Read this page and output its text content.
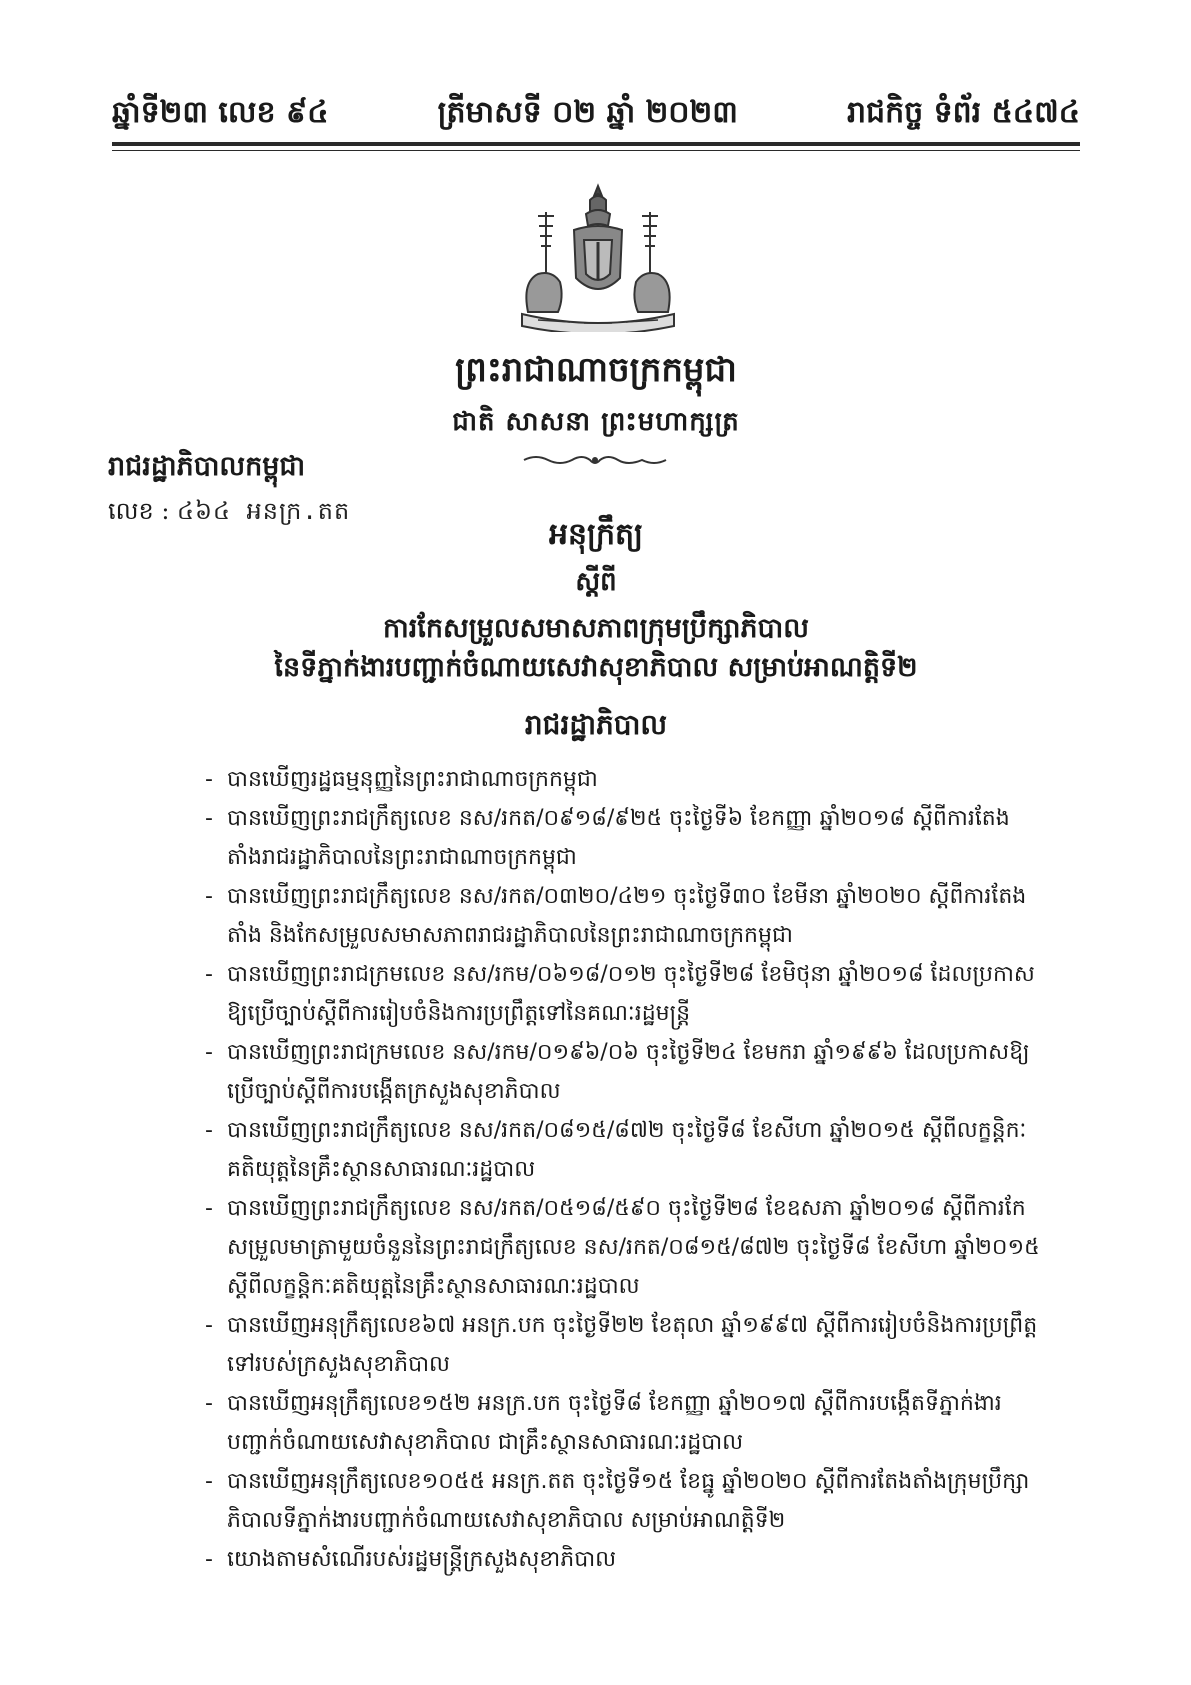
ឆ្នាំទី២៣ លេខ ៩៤	ត្រីមាសទី ០២ ឆ្នាំ ២០២៣	រាជកិច្ច ទំព័រ ៥៤៧៤
ព្រះរាជាណាចក្រកម្ពុជា
ជាតិ សាសនា ព្រះមហាក្សត្រ
រាជរដ្ឋាភិបាលកម្ពុជា
លេខ : ៤៦៤ អនក្រ.តត
អនុក្រឹត្យ
ស្តីពី
ការកែសម្រួលសមាសភាពក្រុមប្រឹក្សាភិបាល
នៃទីភ្នាក់ងារបញ្ជាក់ចំណាយសេវាសុខាភិបាល សម្រាប់អាណត្តិទី២
រាជរដ្ឋាភិបាល
- បានឃើញរដ្ឋធម្មនុញ្ញនៃព្រះរាជាណាចក្រកម្ពុជា
- បានឃើញព្រះរាជក្រឹត្យលេខ នស/រកត/០៩១៨/៩២៥ ចុះថ្ងៃទី៦ ខែកញ្ញា ឆ្នាំ២០១៨ ស្តីពីការតែង
តាំងរាជរដ្ឋាភិបាលនៃព្រះរាជាណាចក្រកម្ពុជា
- បានឃើញព្រះរាជក្រឹត្យលេខ នស/រកត/០៣២០/៤២១ ចុះថ្ងៃទី៣០ ខែមីនា ឆ្នាំ២០២០ ស្តីពីការតែង
តាំង និងកែសម្រួលសមាសភាពរាជរដ្ឋាភិបាលនៃព្រះរាជាណាចក្រកម្ពុជា
- បានឃើញព្រះរាជក្រមលេខ នស/រកម/០៦១៨/០១២ ចុះថ្ងៃទី២៨ ខែមិថុនា ឆ្នាំ២០១៨ ដែលប្រកាស
ឱ្យប្រើច្បាប់ស្តីពីការរៀបចំនិងការប្រព្រឹត្តទៅនៃគណៈរដ្ឋមន្ត្រី
- បានឃើញព្រះរាជក្រមលេខ នស/រកម/០១៩៦/០៦ ចុះថ្ងៃទី២៤ ខែមករា ឆ្នាំ១៩៩៦ ដែលប្រកាសឱ្យ
ប្រើច្បាប់ស្តីពីការបង្កើតក្រសួងសុខាភិបាល
- បានឃើញព្រះរាជក្រឹត្យលេខ នស/រកត/០៨១៥/៨៧២ ចុះថ្ងៃទី៨ ខែសីហា ឆ្នាំ២០១៥ ស្តីពីលក្ខន្តិកៈ
គតិយុត្តនៃគ្រឹះស្ថានសាធារណៈរដ្ឋបាល
- បានឃើញព្រះរាជក្រឹត្យលេខ នស/រកត/០៥១៨/៥៩០ ចុះថ្ងៃទី២៨ ខែឧសភា ឆ្នាំ២០១៨ ស្តីពីការកែ
សម្រួលមាត្រាមួយចំនួននៃព្រះរាជក្រឹត្យលេខ នស/រកត/០៨១៥/៨៧២ ចុះថ្ងៃទី៨ ខែសីហា ឆ្នាំ២០១៥
ស្តីពីលក្ខន្តិកៈគតិយុត្តនៃគ្រឹះស្ថានសាធារណៈរដ្ឋបាល
- បានឃើញអនុក្រឹត្យលេខ៦៧ អនក្រ.បក ចុះថ្ងៃទី២២ ខែតុលា ឆ្នាំ១៩៩៧ ស្តីពីការរៀបចំនិងការប្រព្រឹត្ត
ទៅរបស់ក្រសួងសុខាភិបាល
- បានឃើញអនុក្រឹត្យលេខ១៥២ អនក្រ.បក ចុះថ្ងៃទី៨ ខែកញ្ញា ឆ្នាំ២០១៧ ស្តីពីការបង្កើតទីភ្នាក់ងារ
បញ្ជាក់ចំណាយសេវាសុខាភិបាល ជាគ្រឹះស្ថានសាធារណៈរដ្ឋបាល
- បានឃើញអនុក្រឹត្យលេខ១០៥៥ អនក្រ.តត ចុះថ្ងៃទី១៥ ខែធ្នូ ឆ្នាំ២០២០ ស្តីពីការតែងតាំងក្រុមប្រឹក្សា
ភិបាលទីភ្នាក់ងារបញ្ជាក់ចំណាយសេវាសុខាភិបាល សម្រាប់អាណត្តិទី២
- យោងតាមសំណើរបស់រដ្ឋមន្ត្រីក្រសួងសុខាភិបាល
